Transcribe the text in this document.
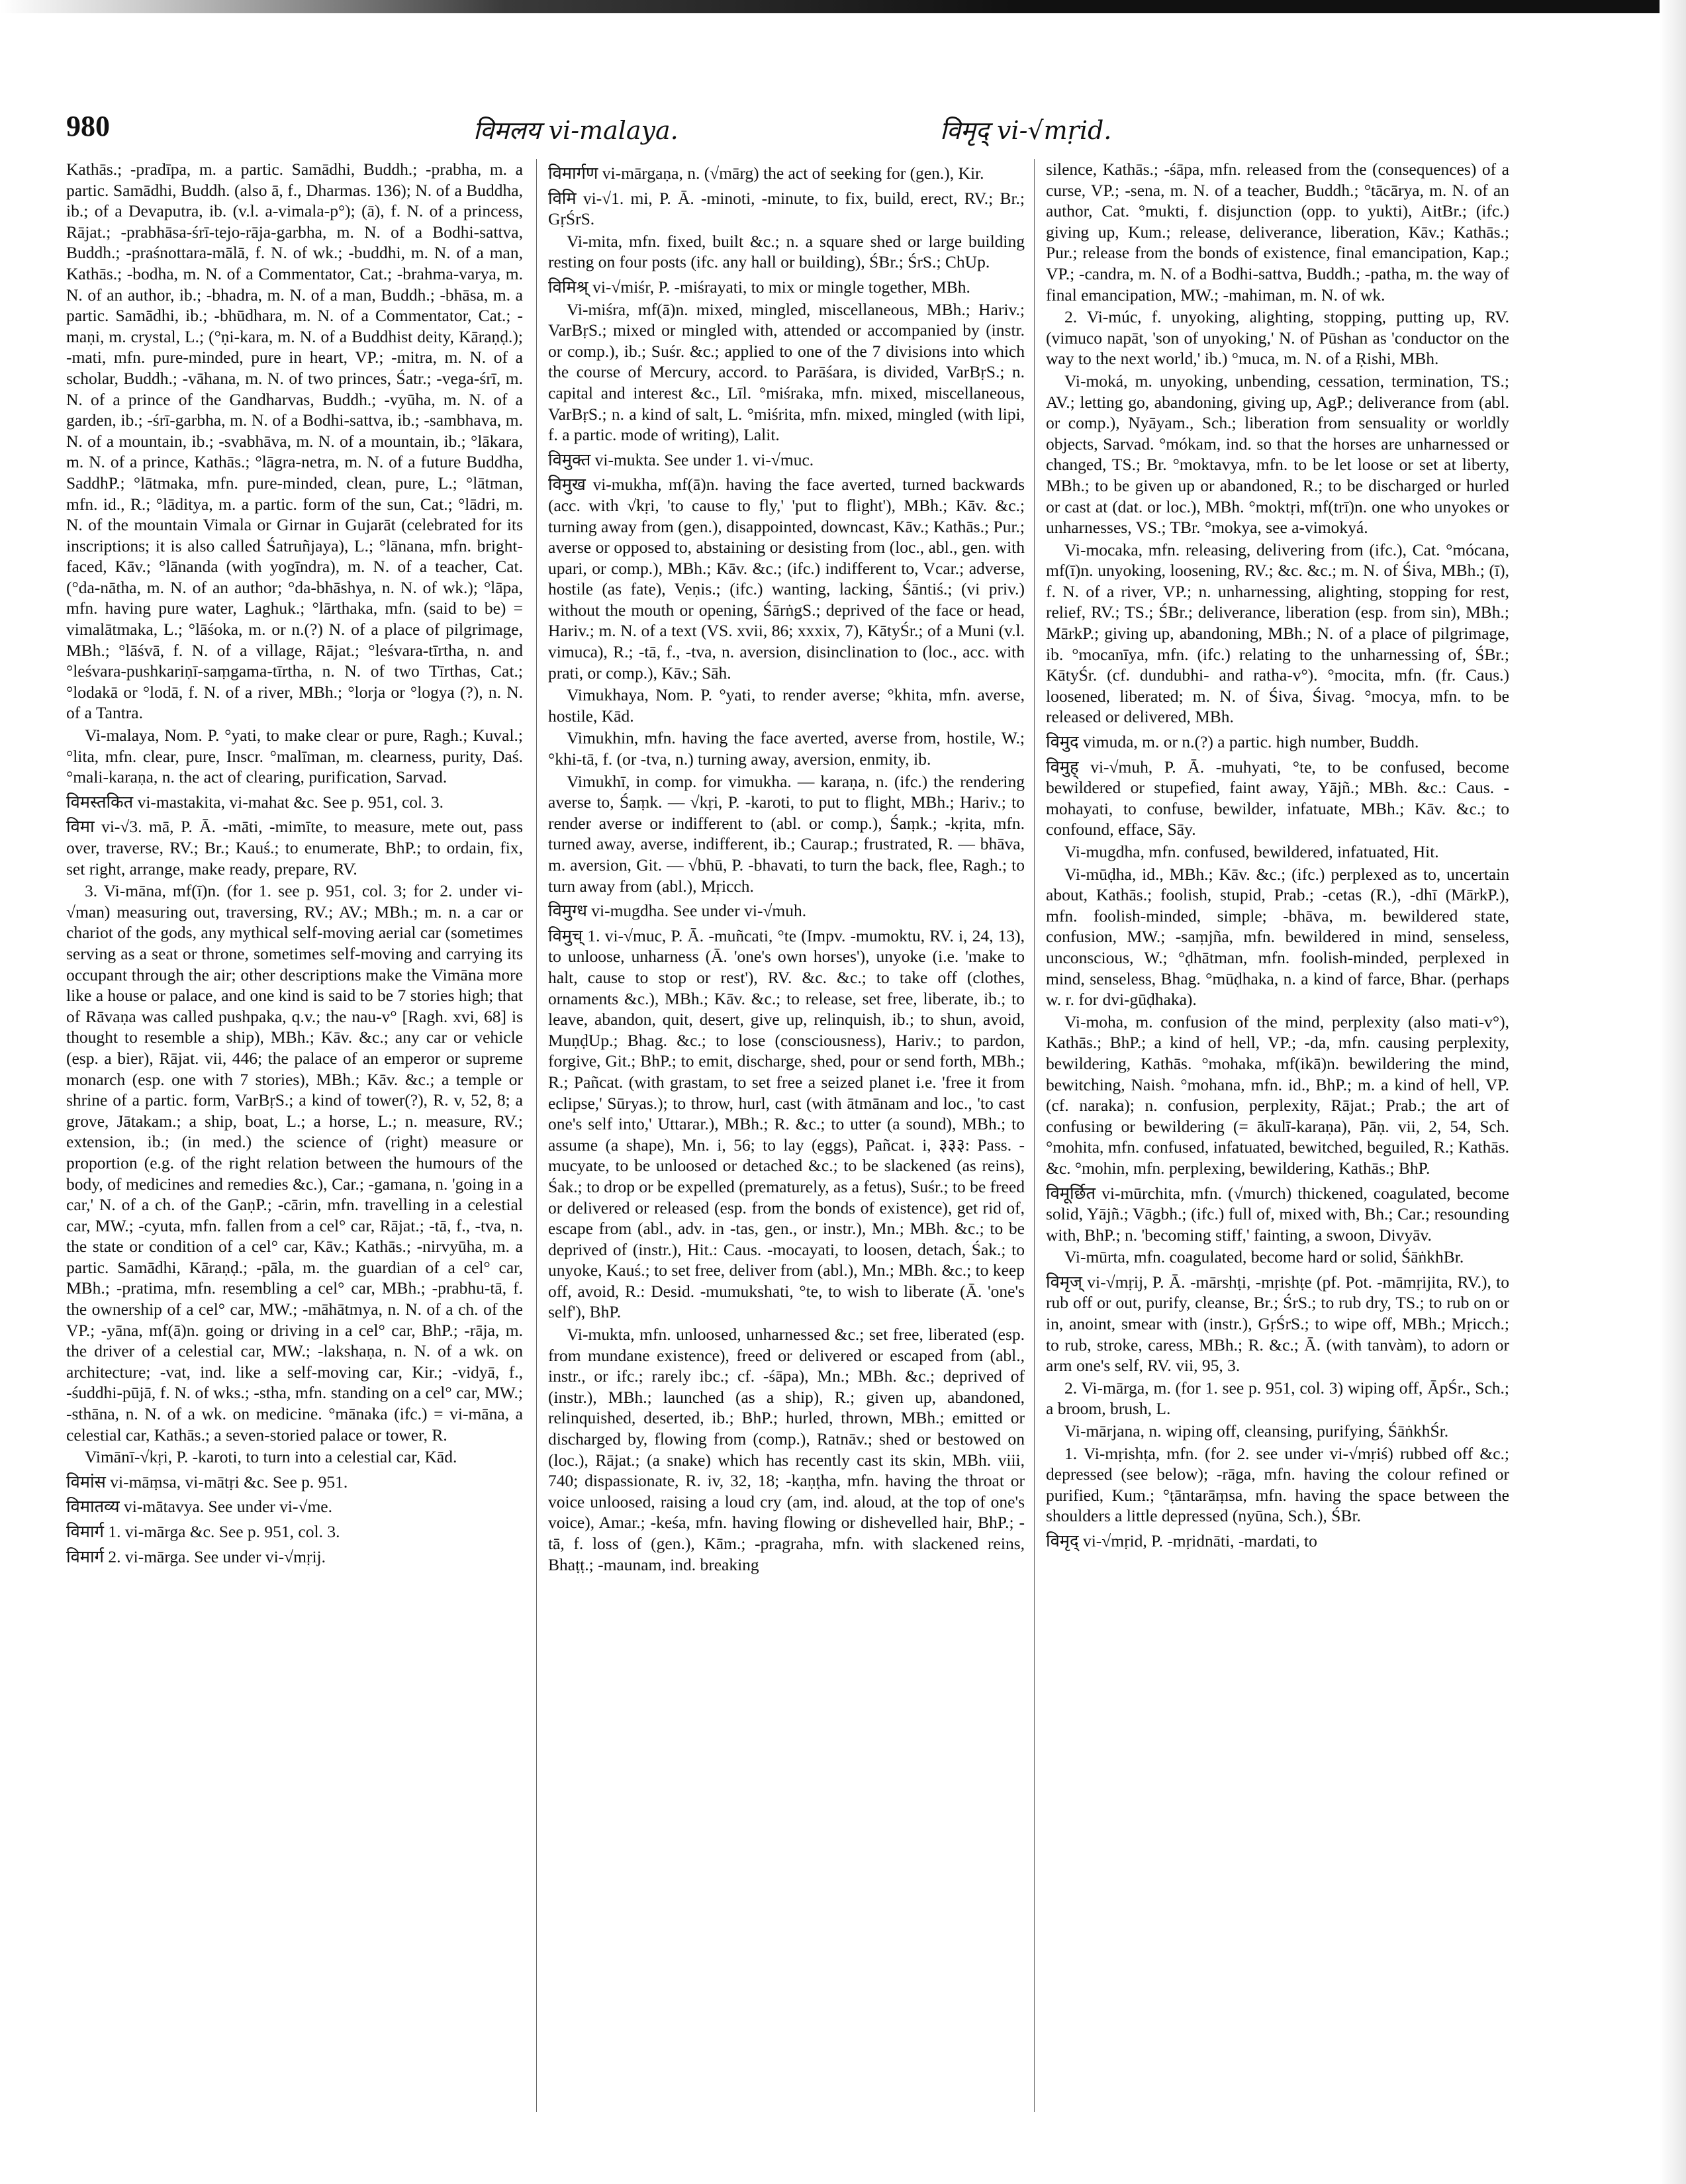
980	विमलय vi-malaya.	विमृद् vi-√mṛid.

Kathās.; -pradīpa, m. a partic. Samādhi, Buddh.; -prabha, m. a partic. Samādhi, Buddh. (also ā, f., Dharmas. 136); N. of a Buddha, ib.; of a Devaputra, ib. (v.l. a-vimala-p°); (ā), f. N. of a princess, Rājat.; -prabhāsa-śrī-tejo-rāja-garbha, m. N. of a Bodhi-sattva, Buddh.; -praśnottara-mālā, f. N. of wk.; -buddhi, m. N. of a man, Kathās.; -bodha, m. N. of a Commentator, Cat.; -brahma-varya, m. N. of an author, ib.; -bhadra, m. N. of a man, Buddh.; -bhāsa, m. a partic. Samādhi, ib.; -bhūdhara, m. N. of a Commentator, Cat.; -maṇi, m. crystal, L.; (°ṇi-kara, m. N. of a Buddhist deity, Kāraṇḍ.); -mati, mfn. pure-minded, pure in heart, VP.; -mitra, m. N. of a scholar, Buddh.; -vāhana, m. N. of two princes, Śatr.; -vega-śrī, m. N. of a prince of the Gandharvas, Buddh.; -vyūha, m. N. of a garden, ib.; -śrī-garbha, m. N. of a Bodhi-sattva, ib.; -sambhava, m. N. of a mountain, ib.; -svabhāva, m. N. of a mountain, ib.; °lākara, m. N. of a prince, Kathās.; °lāgra-netra, m. N. of a future Buddha, SaddhP.; °lātmaka, mfn. pure-minded, clean, pure, L.; °lātman, mfn. id., R.; °lāditya, m. a partic. form of the sun, Cat.; °lādri, m. N. of the mountain Vimala or Girnar in Gujarāt (celebrated for its inscriptions; it is also called Śatruñjaya), L.; °lānana, mfn. bright-faced, Kāv.; °lānanda (with yogīndra), m. N. of a teacher, Cat. (°da-nātha, m. N. of an author; °da-bhāshya, n. N. of wk.); °lāpa, mfn. having pure water, Laghuk.; °lārthaka, mfn. (said to be) = vimalātmaka, L.; °lāśoka, m. or n.(?) N. of a place of pilgrimage, MBh.; °lāśvā, f. N. of a village, Rājat.; °leśvara-tīrtha, n. and °leśvara-pushkariṇī-saṃgama-tīrtha, n. N. of two Tīrthas, Cat.; °lodakā or °lodā, f. N. of a river, MBh.; °lorja or °logya (?), n. N. of a Tantra.

Vi-malaya, Nom. P. °yati, to make clear or pure, Ragh.; Kuval.; °lita, mfn. clear, pure, Inscr. °malīman, m. clearness, purity, Daś. °mali-karaṇa, n. the act of clearing, purification, Sarvad.

विमस्तकित vi-mastakita, vi-mahat &c. See p. 951, col. 3.

विमा vi-√3. mā, P. Ā. -māti, -mimīte, to measure, mete out, pass over, traverse, RV.; Br.; Kauś.; to enumerate, BhP.; to ordain, fix, set right, arrange, make ready, prepare, RV.

3. Vi-māna, mf(ī)n. (for 1. see p. 951, col. 3; for 2. under vi-√man) measuring out, traversing, RV.; AV.; MBh.; m. n. a car or chariot of the gods, any mythical self-moving aerial car (sometimes serving as a seat or throne, sometimes self-moving and carrying its occupant through the air; other descriptions make the Vimāna more like a house or palace, and one kind is said to be 7 stories high; that of Rāvaṇa was called pushpaka, q.v.; the nau-v° [Ragh. xvi, 68] is thought to resemble a ship), MBh.; Kāv. &c.; any car or vehicle (esp. a bier), Rājat. vii, 446; the palace of an emperor or supreme monarch (esp. one with 7 stories), MBh.; Kāv. &c.; a temple or shrine of a partic. form, VarBṛS.; a kind of tower(?), R. v, 52, 8; a grove, Jātakam.; a ship, boat, L.; a horse, L.; n. measure, RV.; extension, ib.; (in med.) the science of (right) measure or proportion (e.g. of the right relation between the humours of the body, of medicines and remedies &c.), Car.; -gamana, n. 'going in a car,' N. of a ch. of the GaṇP.; -cārin, mfn. travelling in a celestial car, MW.; -cyuta, mfn. fallen from a cel° car, Rājat.; -tā, f., -tva, n. the state or condition of a cel° car, Kāv.; Kathās.; -nirvyūha, m. a partic. Samādhi, Kāraṇḍ.; -pāla, m. the guardian of a cel° car, MBh.; -pratima, mfn. resembling a cel° car, MBh.; -prabhu-tā, f. the ownership of a cel° car, MW.; -māhātmya, n. N. of a ch. of the VP.; -yāna, mf(ā)n. going or driving in a cel° car, BhP.; -rāja, m. the driver of a celestial car, MW.; -lakshaṇa, n. N. of a wk. on architecture; -vat, ind. like a self-moving car, Kir.; -vidyā, f., -śuddhi-pūjā, f. N. of wks.; -stha, mfn. standing on a cel° car, MW.; -sthāna, n. N. of a wk. on medicine. °mānaka (ifc.) = vi-māna, a celestial car, Kathās.; a seven-storied palace or tower, R.

Vimānī-√kṛi, P. -karoti, to turn into a celestial car, Kād.

विमांस vi-māṃsa, vi-mātṛi &c. See p. 951.

विमातव्य vi-mātavya. See under vi-√me.

विमार्ग 1. vi-mārga &c. See p. 951, col. 3.

विमार्ग 2. vi-mārga. See under vi-√mṛij.

विमार्गण vi-mārgaṇa, n. (√mārg) the act of seeking for (gen.), Kir.

विमि vi-√1. mi, P. Ā. -minoti, -minute, to fix, build, erect, RV.; Br.; GṛŚrS.

Vi-mita, mfn. fixed, built &c.; n. a square shed or large building resting on four posts (ifc. any hall or building), ŚBr.; ŚrS.; ChUp.

विमिश्र् vi-√miśr, P. -miśrayati, to mix or mingle together, MBh.

Vi-miśra, mf(ā)n. mixed, mingled, miscellaneous, MBh.; Hariv.; VarBṛS.; mixed or mingled with, attended or accompanied by (instr. or comp.), ib.; Suśr. &c.; applied to one of the 7 divisions into which the course of Mercury, accord. to Parāśara, is divided, VarBṛS.; n. capital and interest &c., Līl. °miśraka, mfn. mixed, miscellaneous, VarBṛS.; n. a kind of salt, L. °miśrita, mfn. mixed, mingled (with lipi, f. a partic. mode of writing), Lalit.

विमुक्त vi-mukta. See under 1. vi-√muc.

विमुख vi-mukha, mf(ā)n. having the face averted, turned backwards (acc. with √kṛi, 'to cause to fly,' 'put to flight'), MBh.; Kāv. &c.; turning away from (gen.), disappointed, downcast, Kāv.; Kathās.; Pur.; averse or opposed to, abstaining or desisting from (loc., abl., gen. with upari, or comp.), MBh.; Kāv. &c.; (ifc.) indifferent to, Vcar.; adverse, hostile (as fate), Veṇis.; (ifc.) wanting, lacking, Śāntiś.; (vi priv.) without the mouth or opening, ŚārṅgS.; deprived of the face or head, Hariv.; m. N. of a text (VS. xvii, 86; xxxix, 7), KātyŚr.; of a Muni (v.l. vimuca), R.; -tā, f., -tva, n. aversion, disinclination to (loc., acc. with prati, or comp.), Kāv.; Sāh.

Vimukhaya, Nom. P. °yati, to render averse; °khita, mfn. averse, hostile, Kād.

Vimukhin, mfn. having the face averted, averse from, hostile, W.; °khi-tā, f. (or -tva, n.) turning away, aversion, enmity, ib.

Vimukhī, in comp. for vimukha. — karaṇa, n. (ifc.) the rendering averse to, Śaṃk. — √kṛi, P. -karoti, to put to flight, MBh.; Hariv.; to render averse or indifferent to (abl. or comp.), Śaṃk.; -kṛita, mfn. turned away, averse, indifferent, ib.; Caurap.; frustrated, R. — bhāva, m. aversion, Git. — √bhū, P. -bhavati, to turn the back, flee, Ragh.; to turn away from (abl.), Mṛicch.

विमुग्ध vi-mugdha. See under vi-√muh.

विमुच् 1. vi-√muc, P. Ā. -muñcati, °te (Impv. -mumoktu, RV. i, 24, 13), to unloose, unharness (Ā. 'one's own horses'), unyoke (i.e. 'make to halt, cause to stop or rest'), RV. &c. &c.; to take off (clothes, ornaments &c.), MBh.; Kāv. &c.; to release, set free, liberate, ib.; to leave, abandon, quit, desert, give up, relinquish, ib.; to shun, avoid, MuṇḍUp.; Bhag. &c.; to lose (consciousness), Hariv.; to pardon, forgive, Git.; BhP.; to emit, discharge, shed, pour or send forth, MBh.; R.; Pañcat. (with grastam, to set free a seized planet i.e. 'free it from eclipse,' Sūryas.); to throw, hurl, cast (with ātmānam and loc., 'to cast one's self into,' Uttarar.), MBh.; R. &c.; to utter (a sound), MBh.; to assume (a shape), Mn. i, 56; to lay (eggs), Pañcat. i, ३३३: Pass. -mucyate, to be unloosed or detached &c.; to be slackened (as reins), Śak.; to drop or be expelled (prematurely, as a fetus), Suśr.; to be freed or delivered or released (esp. from the bonds of existence), get rid of, escape from (abl., adv. in -tas, gen., or instr.), Mn.; MBh. &c.; to be deprived of (instr.), Hit.: Caus. -mocayati, to loosen, detach, Śak.; to unyoke, Kauś.; to set free, deliver from (abl.), Mn.; MBh. &c.; to keep off, avoid, R.: Desid. -mumukshati, °te, to wish to liberate (Ā. 'one's self'), BhP.

Vi-mukta, mfn. unloosed, unharnessed &c.; set free, liberated (esp. from mundane existence), freed or delivered or escaped from (abl., instr., or ifc.; rarely ibc.; cf. -śāpa), Mn.; MBh. &c.; deprived of (instr.), MBh.; launched (as a ship), R.; given up, abandoned, relinquished, deserted, ib.; BhP.; hurled, thrown, MBh.; emitted or discharged by, flowing from (comp.), Ratnāv.; shed or bestowed on (loc.), Rājat.; (a snake) which has recently cast its skin, MBh. viii, 740; dispassionate, R. iv, 32, 18; -kaṇṭha, mfn. having the throat or voice unloosed, raising a loud cry (am, ind. aloud, at the top of one's voice), Amar.; -keśa, mfn. having flowing or dishevelled hair, BhP.; -tā, f. loss of (gen.), Kām.; -pragraha, mfn. with slackened reins, Bhaṭṭ.; -maunam, ind. breaking

silence, Kathās.; -śāpa, mfn. released from the (consequences) of a curse, VP.; -sena, m. N. of a teacher, Buddh.; °tācārya, m. N. of an author, Cat. °mukti, f. disjunction (opp. to yukti), AitBr.; (ifc.) giving up, Kum.; release, deliverance, liberation, Kāv.; Kathās.; Pur.; release from the bonds of existence, final emancipation, Kap.; VP.; -candra, m. N. of a Bodhi-sattva, Buddh.; -patha, m. the way of final emancipation, MW.; -mahiman, m. N. of wk.

2. Vi-múc, f. unyoking, alighting, stopping, putting up, RV. (vimuco napāt, 'son of unyoking,' N. of Pūshan as 'conductor on the way to the next world,' ib.) °muca, m. N. of a Ṛishi, MBh.

Vi-moká, m. unyoking, unbending, cessation, termination, TS.; AV.; letting go, abandoning, giving up, AgP.; deliverance from (abl. or comp.), Nyāyam., Sch.; liberation from sensuality or worldly objects, Sarvad. °mókam, ind. so that the horses are unharnessed or changed, TS.; Br. °moktavya, mfn. to be let loose or set at liberty, MBh.; to be given up or abandoned, R.; to be discharged or hurled or cast at (dat. or loc.), MBh. °moktṛi, mf(trī)n. one who unyokes or unharnesses, VS.; TBr. °mokya, see a-vimokyá.

Vi-mocaka, mfn. releasing, delivering from (ifc.), Cat. °mócana, mf(ī)n. unyoking, loosening, RV.; &c. &c.; m. N. of Śiva, MBh.; (ī), f. N. of a river, VP.; n. unharnessing, alighting, stopping for rest, relief, RV.; TS.; ŚBr.; deliverance, liberation (esp. from sin), MBh.; MārkP.; giving up, abandoning, MBh.; N. of a place of pilgrimage, ib. °mocanīya, mfn. (ifc.) relating to the unharnessing of, ŚBr.; KātyŚr. (cf. dundubhi- and ratha-v°). °mocita, mfn. (fr. Caus.) loosened, liberated; m. N. of Śiva, Śivag. °mocya, mfn. to be released or delivered, MBh.

विमुद vimuda, m. or n.(?) a partic. high number, Buddh.

विमुह् vi-√muh, P. Ā. -muhyati, °te, to be confused, become bewildered or stupefied, faint away, Yājñ.; MBh. &c.: Caus. -mohayati, to confuse, bewilder, infatuate, MBh.; Kāv. &c.; to confound, efface, Sāy.

Vi-mugdha, mfn. confused, bewildered, infatuated, Hit.

Vi-mūḍha, id., MBh.; Kāv. &c.; (ifc.) perplexed as to, uncertain about, Kathās.; foolish, stupid, Prab.; -cetas (R.), -dhī (MārkP.), mfn. foolish-minded, simple; -bhāva, m. bewildered state, confusion, MW.; -saṃjña, mfn. bewildered in mind, senseless, unconscious, W.; °ḍhātman, mfn. foolish-minded, perplexed in mind, senseless, Bhag. °mūḍhaka, n. a kind of farce, Bhar. (perhaps w. r. for dvi-gūḍhaka).

Vi-moha, m. confusion of the mind, perplexity (also mati-v°), Kathās.; BhP.; a kind of hell, VP.; -da, mfn. causing perplexity, bewildering, Kathās. °mohaka, mf(ikā)n. bewildering the mind, bewitching, Naish. °mohana, mfn. id., BhP.; m. a kind of hell, VP. (cf. naraka); n. confusion, perplexity, Rājat.; Prab.; the art of confusing or bewildering (= ākulī-karaṇa), Pāṇ. vii, 2, 54, Sch. °mohita, mfn. confused, infatuated, bewitched, beguiled, R.; Kathās. &c. °mohin, mfn. perplexing, bewildering, Kathās.; BhP.

विमूर्छित vi-mūrchita, mfn. (√murch) thickened, coagulated, become solid, Yājñ.; Vāgbh.; (ifc.) full of, mixed with, Bh.; Car.; resounding with, BhP.; n. 'becoming stiff,' fainting, a swoon, Divyāv.

Vi-mūrta, mfn. coagulated, become hard or solid, ŚāṅkhBr.

विमृज् vi-√mṛij, P. Ā. -mārshṭi, -mṛishṭe (pf. Pot. -māmṛijita, RV.), to rub off or out, purify, cleanse, Br.; ŚrS.; to rub dry, TS.; to rub on or in, anoint, smear with (instr.), GṛŚrS.; to wipe off, MBh.; Mṛicch.; to rub, stroke, caress, MBh.; R. &c.; Ā. (with tanvàm), to adorn or arm one's self, RV. vii, 95, 3.

2. Vi-mārga, m. (for 1. see p. 951, col. 3) wiping off, ĀpŚr., Sch.; a broom, brush, L.

Vi-mārjana, n. wiping off, cleansing, purifying, ŚāṅkhŚr.

1. Vi-mṛishṭa, mfn. (for 2. see under vi-√mṛiś) rubbed off &c.; depressed (see below); -rāga, mfn. having the colour refined or purified, Kum.; °ṭāntarāṃsa, mfn. having the space between the shoulders a little depressed (nyūna, Sch.), ŚBr.

विमृद् vi-√mṛid, P. -mṛidnāti, -mardati, to
